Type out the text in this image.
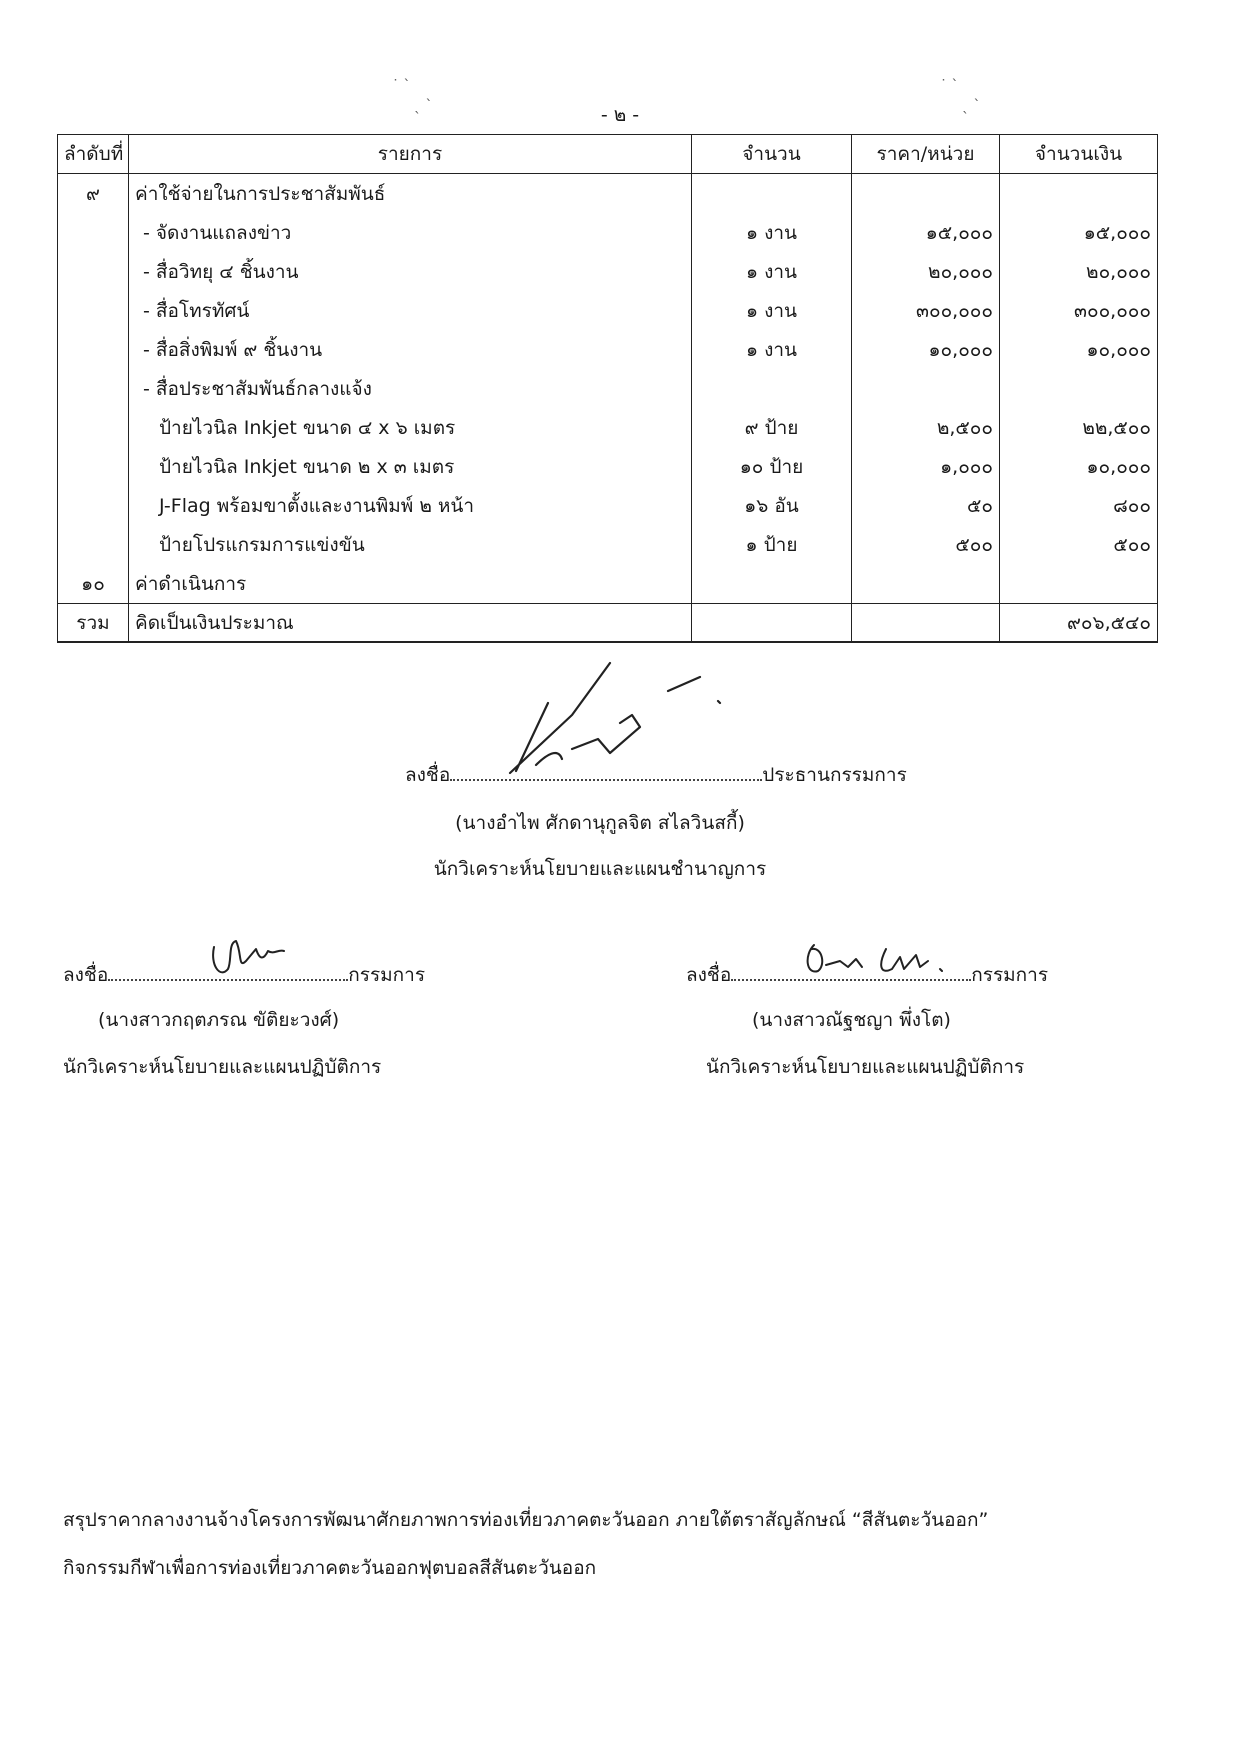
˙ ˋ
ˎ ˋ
˙ ˋ
ˎ ˋ
- ๒ -
ลำดับที่	รายการ	จำนวน	ราคา/หน่วย	จำนวนเงิน
๙	ค่าใช้จ่ายในการประชาสัมพันธ์			
	- จัดงานแถลงข่าว	๑ งาน	๑๕,๐๐๐	๑๕,๐๐๐
	- สื่อวิทยุ ๔ ชิ้นงาน	๑ งาน	๒๐,๐๐๐	๒๐,๐๐๐
	- สื่อโทรทัศน์	๑ งาน	๓๐๐,๐๐๐	๓๐๐,๐๐๐
	- สื่อสิ่งพิมพ์ ๙ ชิ้นงาน	๑ งาน	๑๐,๐๐๐	๑๐,๐๐๐
	- สื่อประชาสัมพันธ์กลางแจ้ง			
	ป้ายไวนิล Inkjet ขนาด ๔ x ๖ เมตร	๙ ป้าย	๒,๕๐๐	๒๒,๕๐๐
	ป้ายไวนิล Inkjet ขนาด ๒ x ๓ เมตร	๑๐ ป้าย	๑,๐๐๐	๑๐,๐๐๐
	J-Flag พร้อมขาตั้งและงานพิมพ์ ๒ หน้า	๑๖ อัน	๕๐	๘๐๐
	ป้ายโปรแกรมการแข่งขัน	๑ ป้าย	๕๐๐	๕๐๐
๑๐	ค่าดำเนินการ			
รวม	คิดเป็นเงินประมาณ			๙๐๖,๕๔๐
ลงชื่อ	ประธานกรรมการ
(นางอำไพ ศักดานุกูลจิต สไลวินสกี้)
นักวิเคราะห์นโยบายและแผนชำนาญการ
ลงชื่อ	กรรมการ
(นางสาวกฤตภรณ ขัติยะวงศ์)
นักวิเคราะห์นโยบายและแผนปฏิบัติการ
ลงชื่อ	กรรมการ
(นางสาวณัฐชญา พึ่งโต)
นักวิเคราะห์นโยบายและแผนปฏิบัติการ
สรุปราคากลางงานจ้างโครงการพัฒนาศักยภาพการท่องเที่ยวภาคตะวันออก ภายใต้ตราสัญลักษณ์ “สีสันตะวันออก”
กิจกรรมกีฬาเพื่อการท่องเที่ยวภาคตะวันออกฟุตบอลสีสันตะวันออก
